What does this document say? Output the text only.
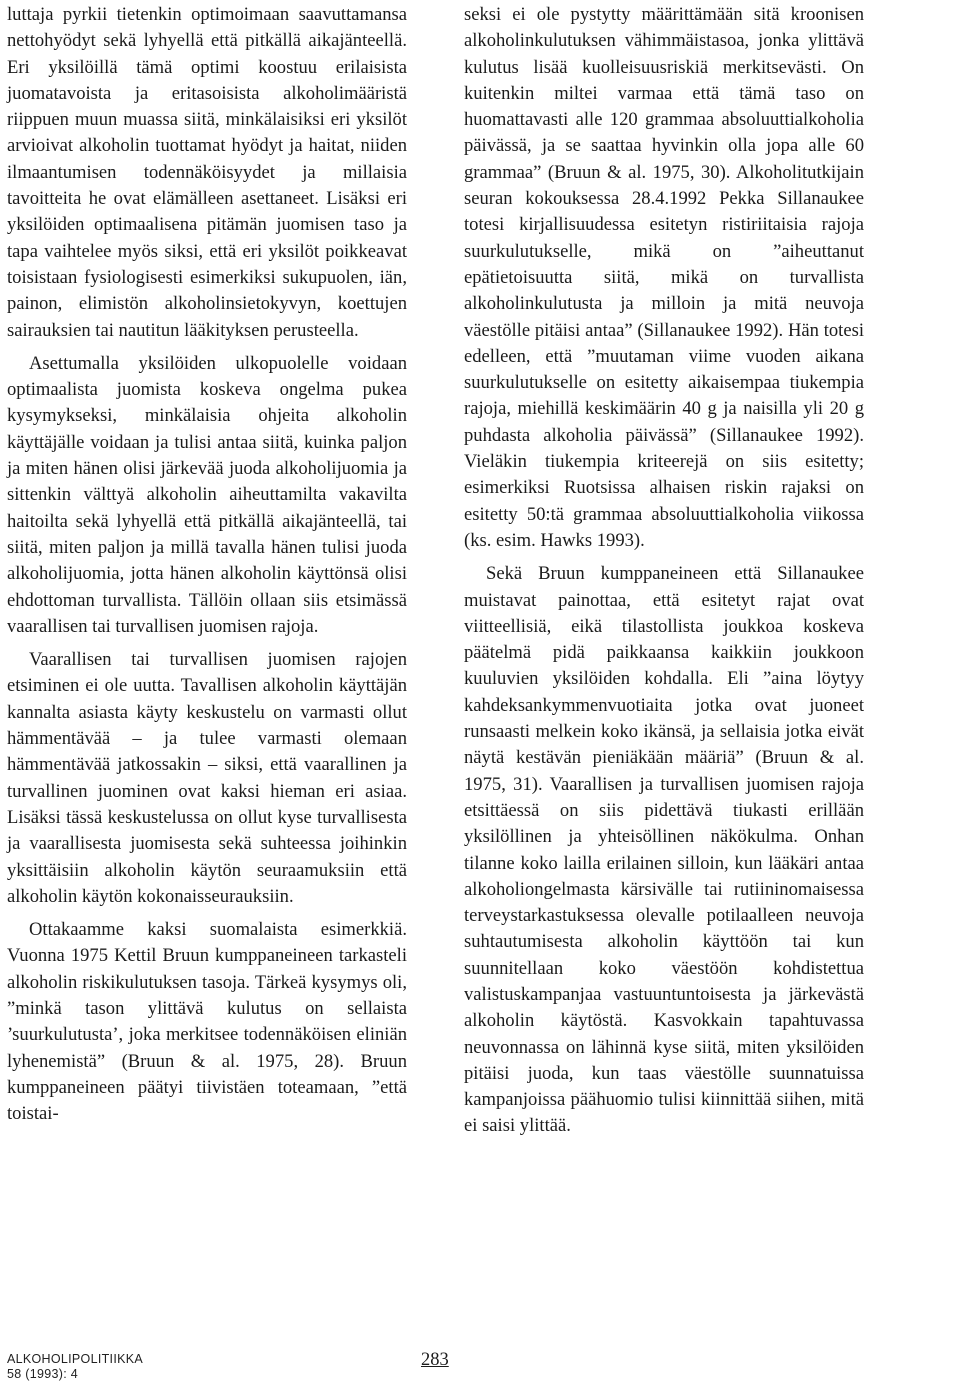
luttaja pyrkii tietenkin optimoimaan saavuttamansa nettohyödyt sekä lyhyellä että pitkällä aikajänteellä. Eri yksilöillä tämä optimi koostuu erilaisista juomatavoista ja eritasoisista alkoholimääristä riippuen muun muassa siitä, minkälaisiksi eri yksilöt arvioivat alkoholin tuottamat hyödyt ja haitat, niiden ilmaantumisen todennäköisyydet ja millaisia tavoitteita he ovat elämälleen asettaneet. Lisäksi eri yksilöiden optimaalisena pitämän juomisen taso ja tapa vaihtelee myös siksi, että eri yksilöt poikkeavat toisistaan fysiologisesti esimerkiksi sukupuolen, iän, painon, elimistön alkoholinsietokyvyn, koettujen sairauksien tai nautitun lääkityksen perusteella.

Asettumalla yksilöiden ulkopuolelle voidaan optimaalista juomista koskeva ongelma pukea kysymykseksi, minkälaisia ohjeita alkoholin käyttäjälle voidaan ja tulisi antaa siitä, kuinka paljon ja miten hänen olisi järkevää juoda alkoholijuomia ja sittenkin välttyä alkoholin aiheuttamilta vakavilta haitoilta sekä lyhyellä että pitkällä aikajänteellä, tai siitä, miten paljon ja millä tavalla hänen tulisi juoda alkoholijuomia, jotta hänen alkoholin käyttönsä olisi ehdottoman turvallista. Tällöin ollaan siis etsimässä vaarallisen tai turvallisen juomisen rajoja.

Vaarallisen tai turvallisen juomisen rajojen etsiminen ei ole uutta. Tavallisen alkoholin käyttäjän kannalta asiasta käyty keskustelu on varmasti ollut hämmentävää – ja tulee varmasti olemaan hämmentävää jatkossakin – siksi, että vaarallinen ja turvallinen juominen ovat kaksi hieman eri asiaa. Lisäksi tässä keskustelussa on ollut kyse turvallisesta ja vaarallisesta juomisesta sekä suhteessa joihinkin yksittäisiin alkoholin käytön seuraamuksiin että alkoholin käytön kokonaisseurauksiin.

Ottakaamme kaksi suomalaista esimerkkiä. Vuonna 1975 Kettil Bruun kumppaneineen tarkasteli alkoholin riskikulutuksen tasoja. Tärkeä kysymys oli, ”minkä tason ylittävä kulutus on sellaista ’suurkulutusta’, joka merkitsee todennäköisen eliniän lyhenemistä” (Bruun & al. 1975, 28). Bruun kumppaneineen päätyi tiivistäen toteamaan, ”että toistai-

seksi ei ole pystytty määrittämään sitä kroonisen alkoholinkulutuksen vähimmäistasoa, jonka ylittävä kulutus lisää kuolleisuusriskiä merkitsevästi. On kuitenkin miltei varmaa että tämä taso on huomattavasti alle 120 grammaa absoluuttialkoholia päivässä, ja se saattaa hyvinkin olla jopa alle 60 grammaa” (Bruun & al. 1975, 30). Alkoholitutkijain seuran kokouksessa 28.4.1992 Pekka Sillanaukee totesi kirjallisuudessa esitetyn ristiriitaisia rajoja suurkulutukselle, mikä on ”aiheuttanut epätietoisuutta siitä, mikä on turvallista alkoholinkulutusta ja milloin ja mitä neuvoja väestölle pitäisi antaa” (Sillanaukee 1992). Hän totesi edelleen, että ”muutaman viime vuoden aikana suurkulutukselle on esitetty aikaisempaa tiukempia rajoja, miehillä keskimäärin 40 g ja naisilla yli 20 g puhdasta alkoholia päivässä” (Sillanaukee 1992). Vieläkin tiukempia kriteerejä on siis esitetty; esimerkiksi Ruotsissa alhaisen riskin rajaksi on esitetty 50:tä grammaa absoluuttialkoholia viikossa (ks. esim. Hawks 1993).

Sekä Bruun kumppaneineen että Sillanaukee muistavat painottaa, että esitetyt rajat ovat viitteellisiä, eikä tilastollista joukkoa koskeva päätelmä pidä paikkaansa kaikkiin joukkoon kuuluvien yksilöiden kohdalla. Eli ”aina löytyy kahdeksankymmenvuotiaita jotka ovat juoneet runsaasti melkein koko ikänsä, ja sellaisia jotka eivät näytä kestävän pieniäkään määriä” (Bruun & al. 1975, 31). Vaarallisen ja turvallisen juomisen rajoja etsittäessä on siis pidettävä tiukasti erillään yksilöllinen ja yhteisöllinen näkökulma. Onhan tilanne koko lailla erilainen silloin, kun lääkäri antaa alkoholiongelmasta kärsivälle tai rutiininomaisessa terveystarkastuksessa olevalle potilaalleen neuvoja suhtautumisesta alkoholin käyttöön tai kun suunnitellaan koko väestöön kohdistettua valistuskampanjaa vastuuntuntoisesta ja järkevästä alkoholin käytöstä. Kasvokkain tapahtuvassa neuvonnassa on lähinnä kyse siitä, miten yksilöiden pitäisi juoda, kun taas väestölle suunnatuissa kampanjoissa päähuomio tulisi kiinnittää siihen, mitä ei saisi ylittää.

ALKOHOLIPOLITIIKKA
58 (1993): 4
283
